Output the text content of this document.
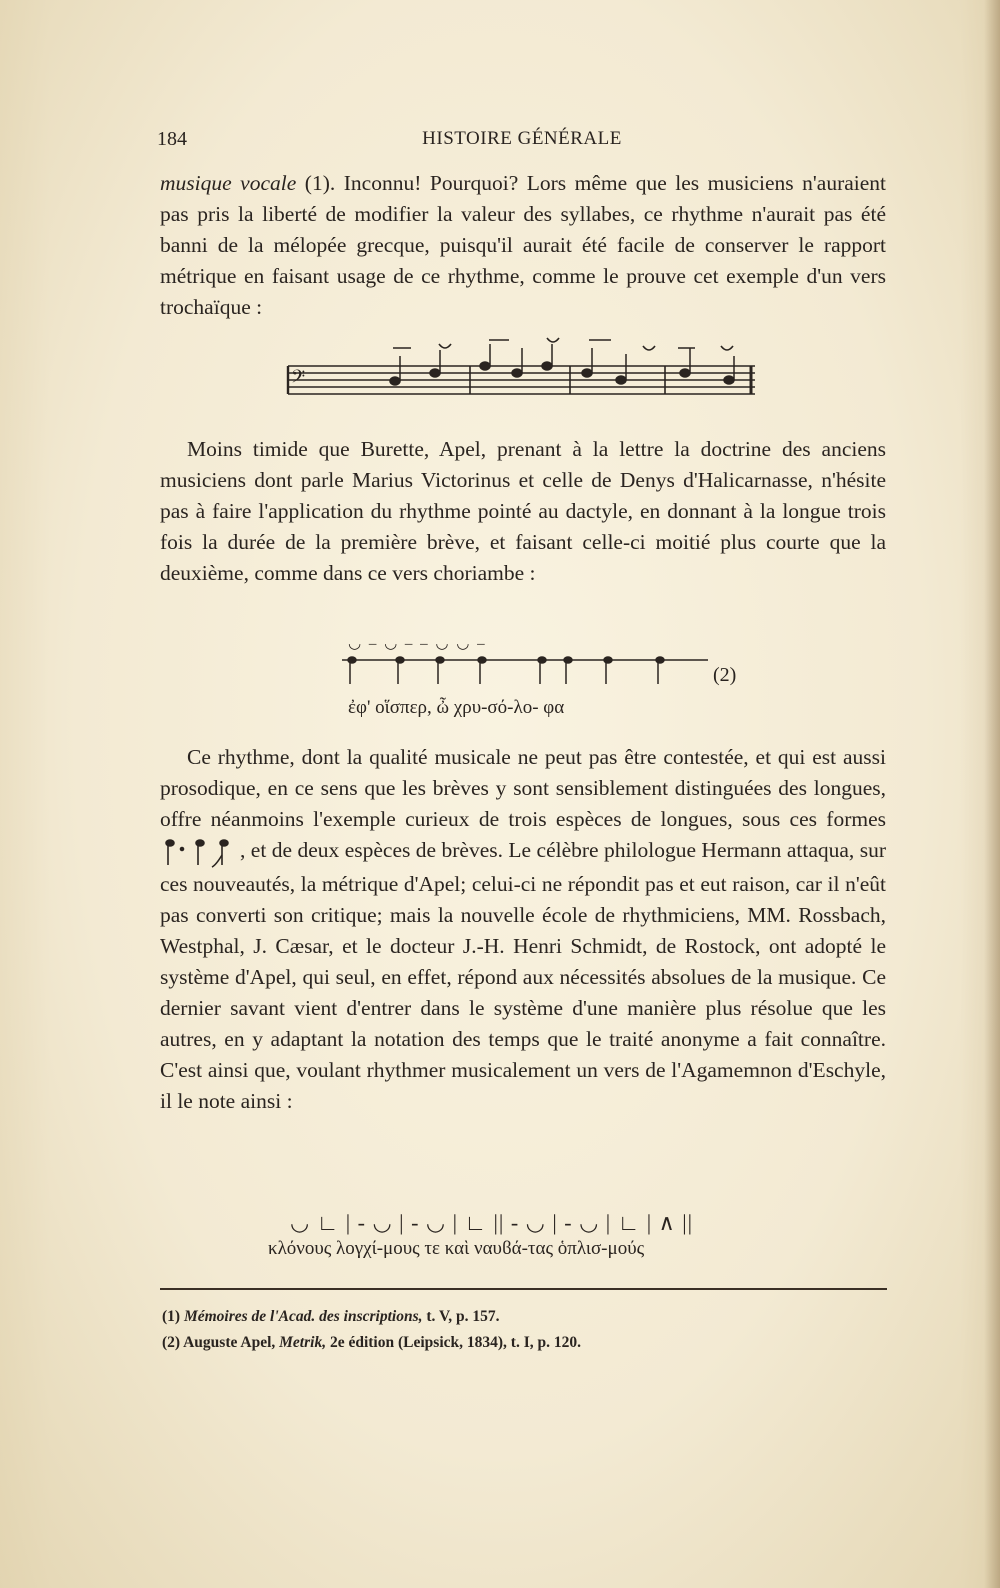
184	HISTOIRE GÉNÉRALE

musique vocale (1). Inconnu! Pourquoi? Lors même que les musiciens n'auraient pas pris la liberté de modifier la valeur des syllabes, ce rhythme n'aurait pas été banni de la mélopée grecque, puisqu'il aurait été facile de conserver le rapport métrique en faisant usage de ce rhythme, comme le prouve cet exemple d'un vers trochaïque :

𝄢

Moins timide que Burette, Apel, prenant à la lettre la doctrine des anciens musiciens dont parle Marius Victorinus et celle de Denys d'Halicarnasse, n'hésite pas à faire l'application du rhythme pointé au dactyle, en donnant à la longue trois fois la durée de la première brève, et faisant celle-ci moitié plus courte que la deuxième, comme dans ce vers choriambe :

◡ – ◡ – – ◡ ◡ –
(2)
ἐφ' οἵσπερ, ὦ χρυ-σό-λο- φα

Ce rhythme, dont la qualité musicale ne peut pas être contestée, et qui est aussi prosodique, en ce sens que les brèves y sont sensiblement distinguées des longues, offre néanmoins l'exemple curieux de trois espèces de longues, sous ces formes , et de deux espèces de brèves. Le célèbre philologue Hermann attaqua, sur ces nouveautés, la métrique d'Apel; celui-ci ne répondit pas et eut raison, car il n'eût pas converti son critique; mais la nouvelle école de rhythmiciens, MM. Rossbach, Westphal, J. Cæsar, et le docteur J.-H. Henri Schmidt, de Rostock, ont adopté le système d'Apel, qui seul, en effet, répond aux nécessités absolues de la musique. Ce dernier savant vient d'entrer dans le système d'une manière plus résolue que les autres, en y adaptant la notation des temps que le traité anonyme a fait connaître. C'est ainsi que, voulant rhythmer musicalement un vers de l'Agamemnon d'Eschyle, il le note ainsi :

◡ ∟ | - ◡ | - ◡ | ∟ || - ◡ | - ◡ | ∟ | ∧ ||
κλόνους λογχί-μους τε καὶ ναυϐά-τας ὁπλισ-μούς
(1) Mémoires de l'Acad. des inscriptions, t. V, p. 157.
(2) Auguste Apel, Metrik, 2e édition (Leipsick, 1834), t. I, p. 120.
